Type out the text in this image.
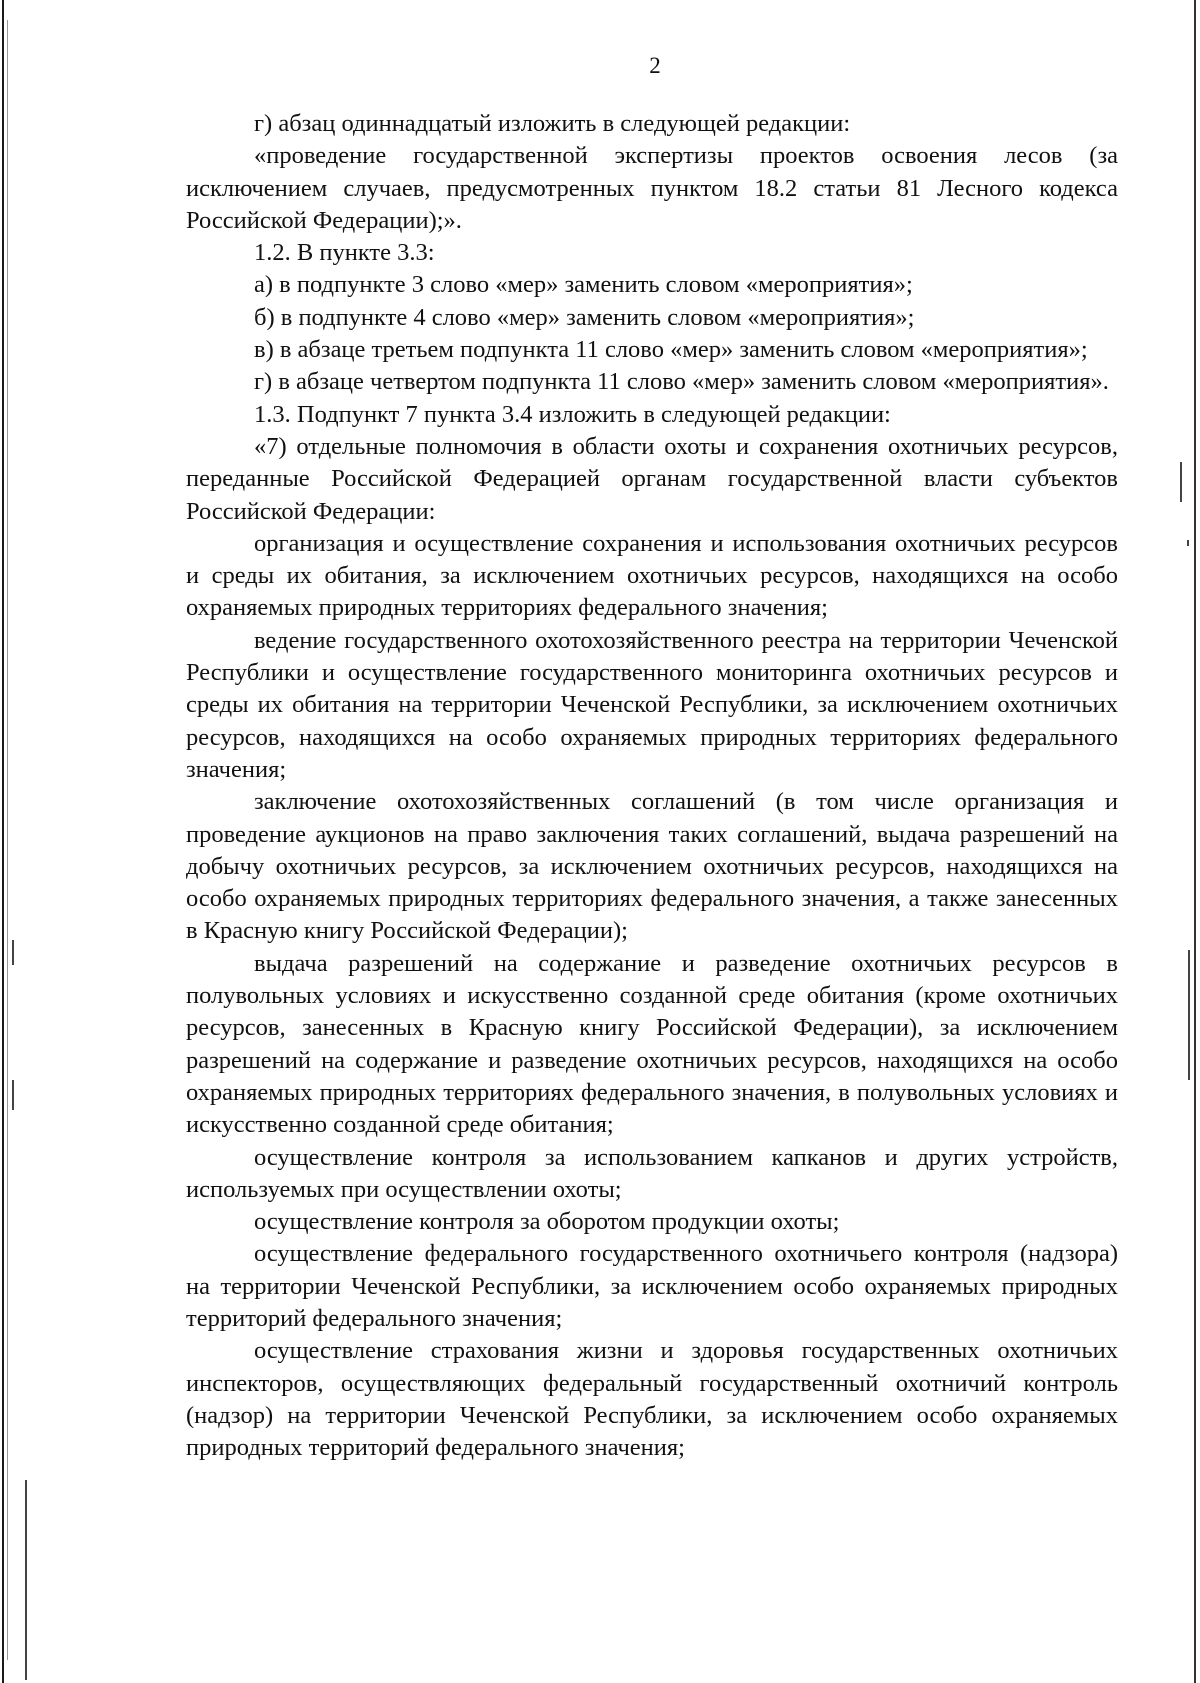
2

г) абзац одиннадцатый изложить в следующей редакции:

«проведение государственной экспертизы проектов освоения лесов (за исключением случаев, предусмотренных пунктом 18.2 статьи 81 Лесного кодекса Российской Федерации);».

1.2. В пункте 3.3:

а) в подпункте 3 слово «мер» заменить словом «мероприятия»;

б) в подпункте 4 слово «мер» заменить словом «мероприятия»;

в) в абзаце третьем подпункта 11 слово «мер» заменить словом «мероприятия»;

г) в абзаце четвертом подпункта 11 слово «мер» заменить словом «мероприятия».

1.3. Подпункт 7 пункта 3.4 изложить в следующей редакции:

«7) отдельные полномочия в области охоты и сохранения охотничьих ресурсов, переданные Российской Федерацией органам государственной власти субъектов Российской Федерации:

организация и осуществление сохранения и использования охотничьих ресурсов и среды их обитания, за исключением охотничьих ресурсов, находящихся на особо охраняемых природных территориях федерального значения;

ведение государственного охотохозяйственного реестра на территории Чеченской Республики и осуществление государственного мониторинга охотничьих ресурсов и среды их обитания на территории Чеченской Республики, за исключением охотничьих ресурсов, находящихся на особо охраняемых природных территориях федерального значения;

заключение охотохозяйственных соглашений (в том числе организация и проведение аукционов на право заключения таких соглашений, выдача разрешений на добычу охотничьих ресурсов, за исключением охотничьих ресурсов, находящихся на особо охраняемых природных территориях федерального значения, а также занесенных в Красную книгу Российской Федерации);

выдача разрешений на содержание и разведение охотничьих ресурсов в полувольных условиях и искусственно созданной среде обитания (кроме охотничьих ресурсов, занесенных в Красную книгу Российской Федерации), за исключением разрешений на содержание и разведение охотничьих ресурсов, находящихся на особо охраняемых природных территориях федерального значения, в полувольных условиях и искусственно созданной среде обитания;

осуществление контроля за использованием капканов и других устройств, используемых при осуществлении охоты;

осуществление контроля за оборотом продукции охоты;

осуществление федерального государственного охотничьего контроля (надзора) на территории Чеченской Республики, за исключением особо охраняемых природных территорий федерального значения;

осуществление страхования жизни и здоровья государственных охотничьих инспекторов, осуществляющих федеральный государственный охотничий контроль (надзор) на территории Чеченской Республики, за исключением особо охраняемых природных территорий федерального значения;
